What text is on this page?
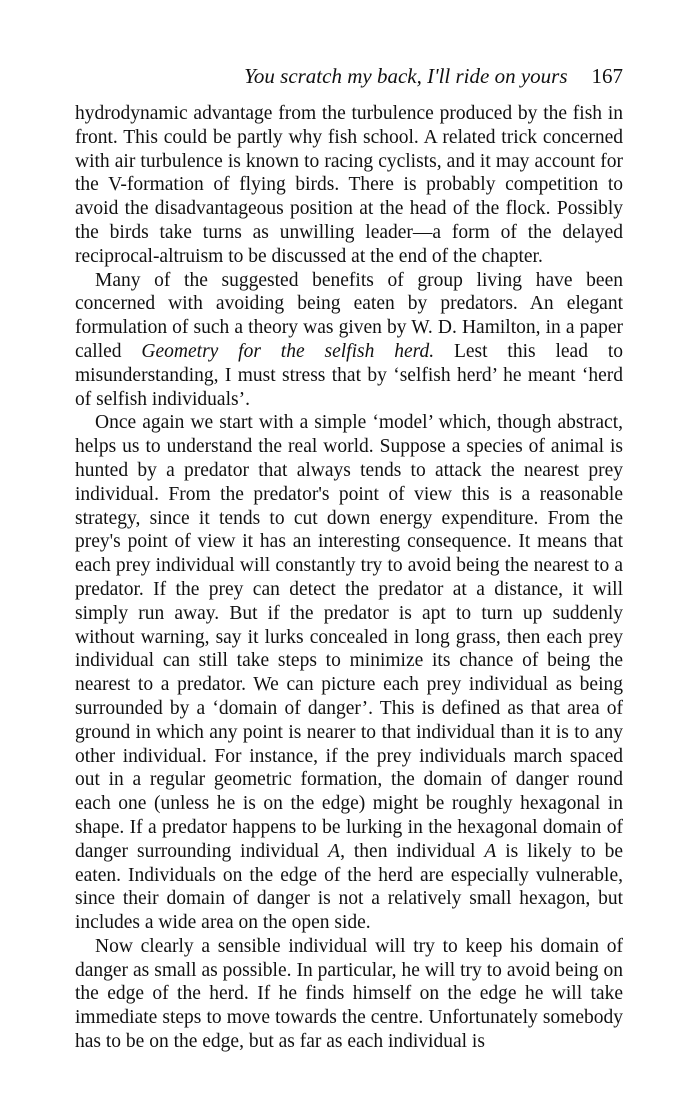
You scratch my back, I'll ride on yours 167

hydrodynamic advantage from the turbulence produced by the fish in front. This could be partly why fish school. A related trick concerned with air turbulence is known to racing cyclists, and it may account for the V-formation of flying birds. There is probably competition to avoid the disadvantageous position at the head of the flock. Possibly the birds take turns as unwilling leader—a form of the delayed reciprocal-altruism to be discussed at the end of the chapter.

Many of the suggested benefits of group living have been concerned with avoiding being eaten by predators. An elegant formulation of such a theory was given by W. D. Hamilton, in a paper called Geometry for the selfish herd. Lest this lead to misunderstanding, I must stress that by ‘selfish herd’ he meant ‘herd of selfish individuals’.

Once again we start with a simple ‘model’ which, though abstract, helps us to understand the real world. Suppose a species of animal is hunted by a predator that always tends to attack the nearest prey individual. From the predator's point of view this is a reasonable strategy, since it tends to cut down energy expenditure. From the prey's point of view it has an interesting consequence. It means that each prey individual will constantly try to avoid being the nearest to a predator. If the prey can detect the predator at a distance, it will simply run away. But if the predator is apt to turn up suddenly without warning, say it lurks concealed in long grass, then each prey individual can still take steps to minimize its chance of being the nearest to a predator. We can picture each prey individual as being surrounded by a ‘domain of danger’. This is defined as that area of ground in which any point is nearer to that individual than it is to any other individual. For instance, if the prey individuals march spaced out in a regular geometric formation, the domain of danger round each one (unless he is on the edge) might be roughly hexagonal in shape. If a predator happens to be lurking in the hexagonal domain of danger surrounding individual A, then individual A is likely to be eaten. Individuals on the edge of the herd are especially vulnerable, since their domain of danger is not a relatively small hexagon, but includes a wide area on the open side.

Now clearly a sensible individual will try to keep his domain of danger as small as possible. In particular, he will try to avoid being on the edge of the herd. If he finds himself on the edge he will take immediate steps to move towards the centre. Unfortunately somebody has to be on the edge, but as far as each individual is
